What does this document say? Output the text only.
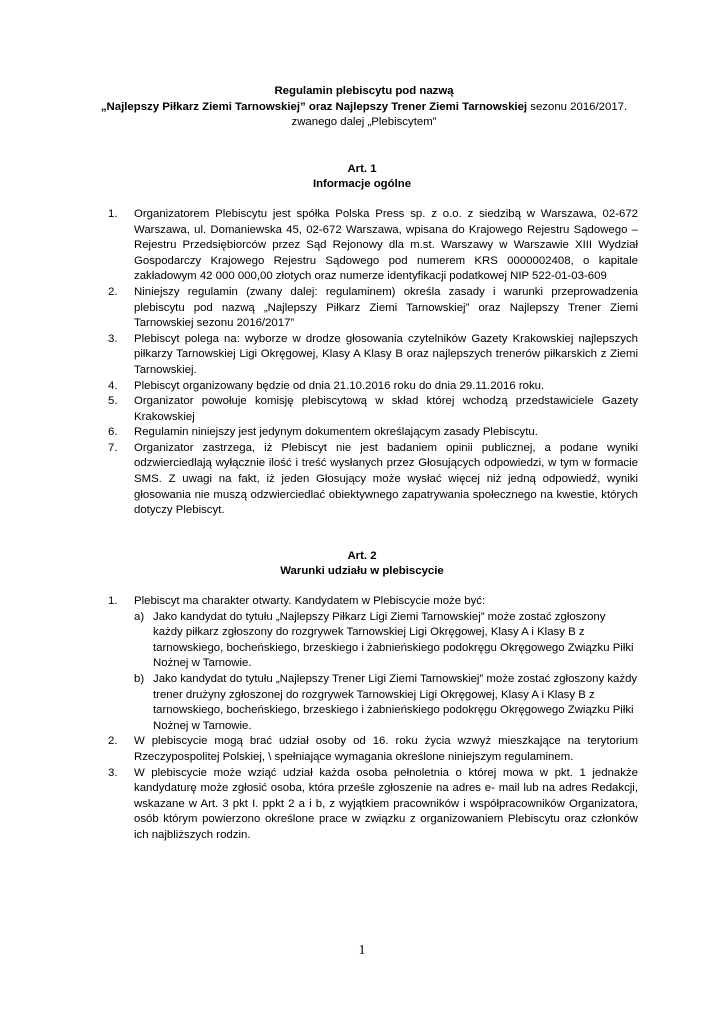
Regulamin plebiscytu pod nazwą
„Najlepszy Piłkarz Ziemi Tarnowskiej” oraz Najlepszy Trener Ziemi Tarnowskiej sezonu 2016/2017.
zwanego dalej „Plebiscytem”
Art. 1
Informacje ogólne
1. Organizatorem Plebiscytu jest spółka Polska Press sp. z o.o. z siedzibą w Warszawa, 02-672 Warszawa, ul. Domaniewska 45, 02-672 Warszawa, wpisana do Krajowego Rejestru Sądowego – Rejestru Przedsiębiorców przez Sąd Rejonowy dla m.st. Warszawy w Warszawie XIII Wydział Gospodarczy Krajowego Rejestru Sądowego pod numerem KRS 0000002408, o kapitale zakładowym 42 000 000,00 złotych oraz numerze identyfikacji podatkowej NIP 522-01-03-609
2. Niniejszy regulamin (zwany dalej: regulaminem) określa zasady i warunki przeprowadzenia plebiscytu pod nazwą „Najlepszy Piłkarz Ziemi Tarnowskiej” oraz Najlepszy Trener Ziemi Tarnowskiej sezonu 2016/2017”
3. Plebiscyt polega na: wyborze w drodze głosowania czytelników Gazety Krakowskiej najlepszych piłkarzy Tarnowskiej Ligi Okręgowej, Klasy A Klasy B oraz najlepszych trenerów piłkarskich z Ziemi Tarnowskiej.
4. Plebiscyt organizowany będzie od dnia 21.10.2016 roku do dnia 29.11.2016 roku.
5. Organizator powołuje komisję plebiscytową w skład której wchodzą przedstawiciele Gazety Krakowskiej
6. Regulamin niniejszy jest jedynym dokumentem określającym zasady Plebiscytu.
7. Organizator zastrzega, iż Plebiscyt nie jest badaniem opinii publicznej, a podane wyniki odzwierciedlają wyłącznie ilość i treść wysłanych przez Głosujących odpowiedzi, w tym w formacie SMS. Z uwagi na fakt, iż jeden Głosujący może wysłać więcej niż jedną odpowiedź, wyniki głosowania nie muszą odzwierciedlać obiektywnego zapatrywania społecznego na kwestie, których dotyczy Plebiscyt.
Art. 2
Warunki udziału w plebiscycie
1. Plebiscyt ma charakter otwarty. Kandydatem w Plebiscycie może być:
a) Jako kandydat do tytułu „Najlepszy Piłkarz Ligi Ziemi Tarnowskiej” może zostać zgłoszony każdy piłkarz zgłoszony do rozgrywek Tarnowskiej Ligi Okręgowej, Klasy A i Klasy B z tarnowskiego, bocheńskiego, brzeskiego i żabnieńskiego podokręgu Okręgowego Związku Piłki Nożnej w Tarnowie.
b) Jako kandydat do tytułu „Najlepszy Trener Ligi Ziemi Tarnowskiej” może zostać zgłoszony każdy trener drużyny zgłoszonej do rozgrywek Tarnowskiej Ligi Okręgowej, Klasy A i Klasy B z tarnowskiego, bocheńskiego, brzeskiego i żabnieńskiego podokręgu Okręgowego Związku Piłki Nożnej w Tarnowie.
2. W plebiscycie mogą brać udział osoby od 16. roku życia wzwyż mieszkające na terytorium Rzeczypospolitej Polskiej, \ spełniające wymagania określone niniejszym regulaminem.
3. W plebiscycie może wziąć udział każda osoba pełnoletnia o której mowa w pkt. 1 jednakże kandydaturę może zgłosić osoba, która prześle zgłoszenie na adres e- mail lub na adres Redakcji, wskazane w Art. 3 pkt I. ppkt 2 a i b, z wyjątkiem pracowników i współpracowników Organizatora, osób którym powierzono określone prace w związku z organizowaniem Plebiscytu oraz członków ich najbliższych rodzin.
1
